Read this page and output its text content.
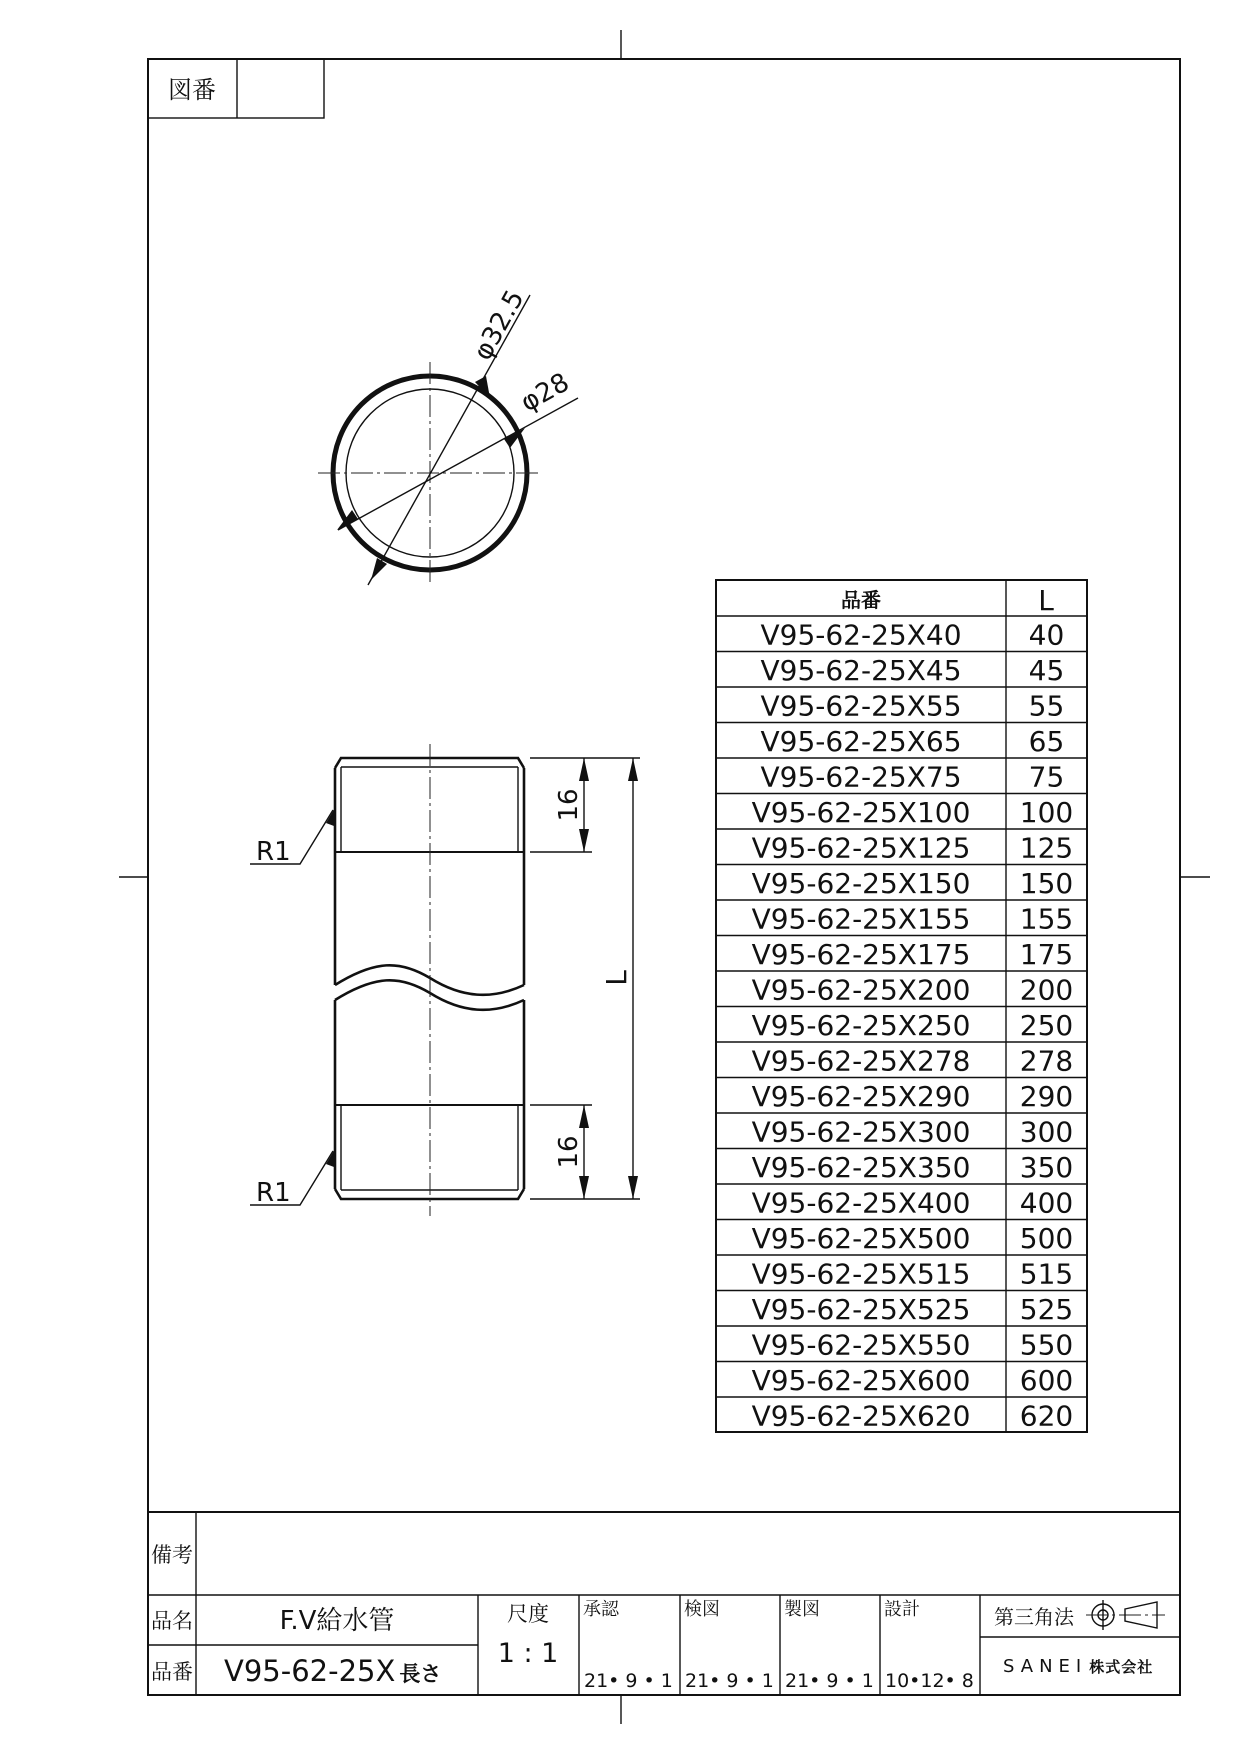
図番
φ32.5
φ28
16
16
L
R1
R1
品番	L
V95-62-25X40 40
V95-62-25X45 45
V95-62-25X55 55
V95-62-25X65 65
V95-62-25X75 75
V95-62-25X100 100
V95-62-25X125 125
V95-62-25X150 150
V95-62-25X155 155
V95-62-25X175 175
V95-62-25X200 200
V95-62-25X250 250
V95-62-25X278 278
V95-62-25X290 290
V95-62-25X300 300
V95-62-25X350 350
V95-62-25X400 400
V95-62-25X500 500
V95-62-25X515 515
V95-62-25X525 525
V95-62-25X550 550
V95-62-25X600 600
V95-62-25X620 620
備考
品名
品番
F.V給水管
V95-62-25X 長さ
尺度
1 : 1
承認
21• 9 • 1
検図
21• 9 • 1
製図
21• 9 • 1
設計
10•12• 8
第三角法
SANEI 株式会社
